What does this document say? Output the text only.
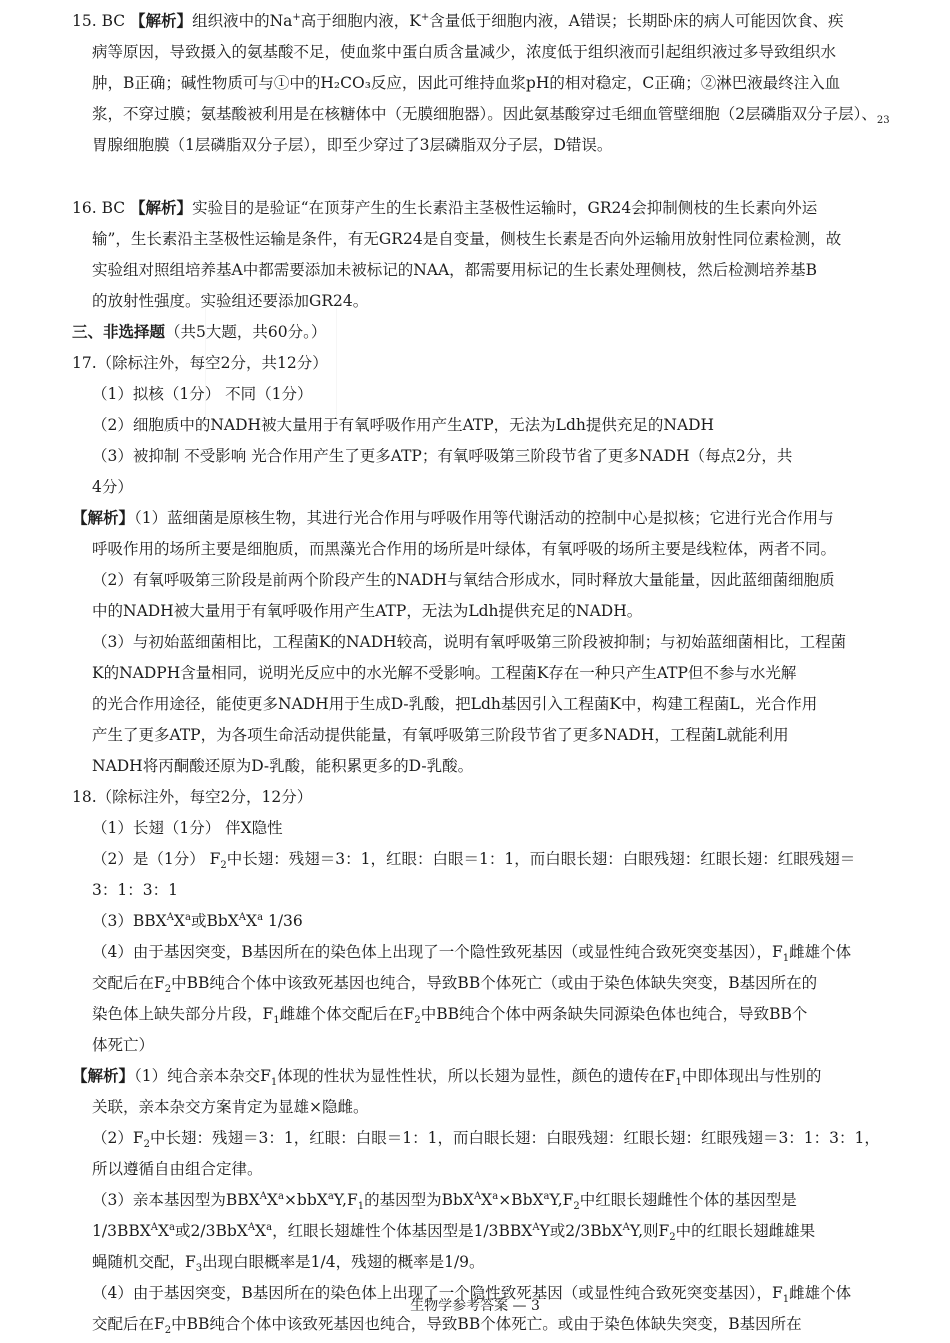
15. BC 【解析】组织液中的Na+高于细胞内液，K+含量低于细胞内液，A错误；长期卧床的病人可能因饮食、疾
病等原因，导致摄入的氨基酸不足，使血浆中蛋白质含量减少，浓度低于组织液而引起组织液过多导致组织水
肿，B正确；碱性物质可与①中的H₂CO₃反应，因此可维持血浆pH的相对稳定，C正确；②淋巴液最终注入血
浆，不穿过膜；氨基酸被利用是在核糖体中（无膜细胞器）。因此氨基酸穿过毛细血管壁细胞（2层磷脂双分子层）、$_{23}$
胃腺细胞膜（1层磷脂双分子层），即至少穿过了3层磷脂双分子层，D错误。
16. BC 【解析】实验目的是验证“在顶芽产生的生长素沿主茎极性运输时，GR24会抑制侧枝的生长素向外运
输”，生长素沿主茎极性运输是条件，有无GR24是自变量，侧枝生长素是否向外运输用放射性同位素检测，故
实验组对照组培养基A中都需要添加未被标记的NAA，都需要用标记的生长素处理侧枝，然后检测培养基B
的放射性强度。实验组还要添加GR24。
三、非选择题（共5大题，共60分。）
17.（除标注外，每空2分，共12分）
（1）拟核（1分） 不同（1分）
（2）细胞质中的NADH被大量用于有氧呼吸作用产生ATP，无法为Ldh提供充足的NADH
（3）被抑制 不受影响 光合作用产生了更多ATP；有氧呼吸第三阶段节省了更多NADH（每点2分，共
4分）
【解析】（1）蓝细菌是原核生物，其进行光合作用与呼吸作用等代谢活动的控制中心是拟核；它进行光合作用与
呼吸作用的场所主要是细胞质，而黑藻光合作用的场所是叶绿体，有氧呼吸的场所主要是线粒体，两者不同。
（2）有氧呼吸第三阶段是前两个阶段产生的NADH与氧结合形成水，同时释放大量能量，因此蓝细菌细胞质
中的NADH被大量用于有氧呼吸作用产生ATP，无法为Ldh提供充足的NADH。
（3）与初始蓝细菌相比，工程菌K的NADH较高，说明有氧呼吸第三阶段被抑制；与初始蓝细菌相比，工程菌
K的NADPH含量相同，说明光反应中的水光解不受影响。工程菌K存在一种只产生ATP但不参与水光解
的光合作用途径，能使更多NADH用于生成D-乳酸，把Ldh基因引入工程菌K中，构建工程菌L，光合作用
产生了更多ATP，为各项生命活动提供能量，有氧呼吸第三阶段节省了更多NADH，工程菌L就能利用
NADH将丙酮酸还原为D-乳酸，能积累更多的D-乳酸。
18.（除标注外，每空2分，12分）
（1）长翅（1分） 伴X隐性
（2）是（1分） $F_2$中长翅：残翅＝3：1，红眼：白眼＝1：1，而白眼长翅：白眼残翅：红眼长翅：红眼残翅＝
3：1：3：1
$(3)BBX^AX^a$或$BbX^AX^a$ 1/36
（4）由于基因突变，B基因所在的染色体上出现了一个隐性致死基因（或显性纯合致死突变基因），$F_1$雌雄个体
交配后在$F_2$中BB纯合个体中该致死基因也纯合，导致BB个体死亡（或由于染色体缺失突变，B基因所在的
染色体上缺失部分片段，$F_1$雌雄个体交配后在$F_2$中BB纯合个体中两条缺失同源染色体也纯合，导致BB个
体死亡）
【解析】（1）纯合亲本杂交$F_1$体现的性状为显性性状，所以长翅为显性，颜色的遗传在$F_1$中即体现出与性别的
关联，亲本杂交方案肯定为显雄×隐雌。
$(2)F_2$中长翅：残翅＝3：1，红眼：白眼＝1：1，而白眼长翅：白眼残翅：红眼长翅：红眼残翅＝3：1：3：1，
所以遵循自由组合定律。
（3）亲本基因型为$BBX^AX^a\times bbX^aY,F_1$的基因型为$BbX^AX^a\times BbX^aY,F_2$中红眼长翅雌性个体的基因型是
$1/3BBX^AX^a$或$2/3BbX^AX^a$，红眼长翅雄性个体基因型是$1/3BBX^AY$或2/3BbX$^A$Y,则$F_2$中的红眼长翅雌雄果
蝇随机交配，$F_3$出现白眼概率是1/4，残翅的概率是1/9。
（4）由于基因突变，B基因所在的染色体上出现了一个隐性致死基因（或显性纯合致死突变基因），$F_1$雌雄个体
交配后在$F_2$中BB纯合个体中该致死基因也纯合，导致BB个体死亡。或由于染色体缺失突变，B基因所在
生物学参考答案 — 3
